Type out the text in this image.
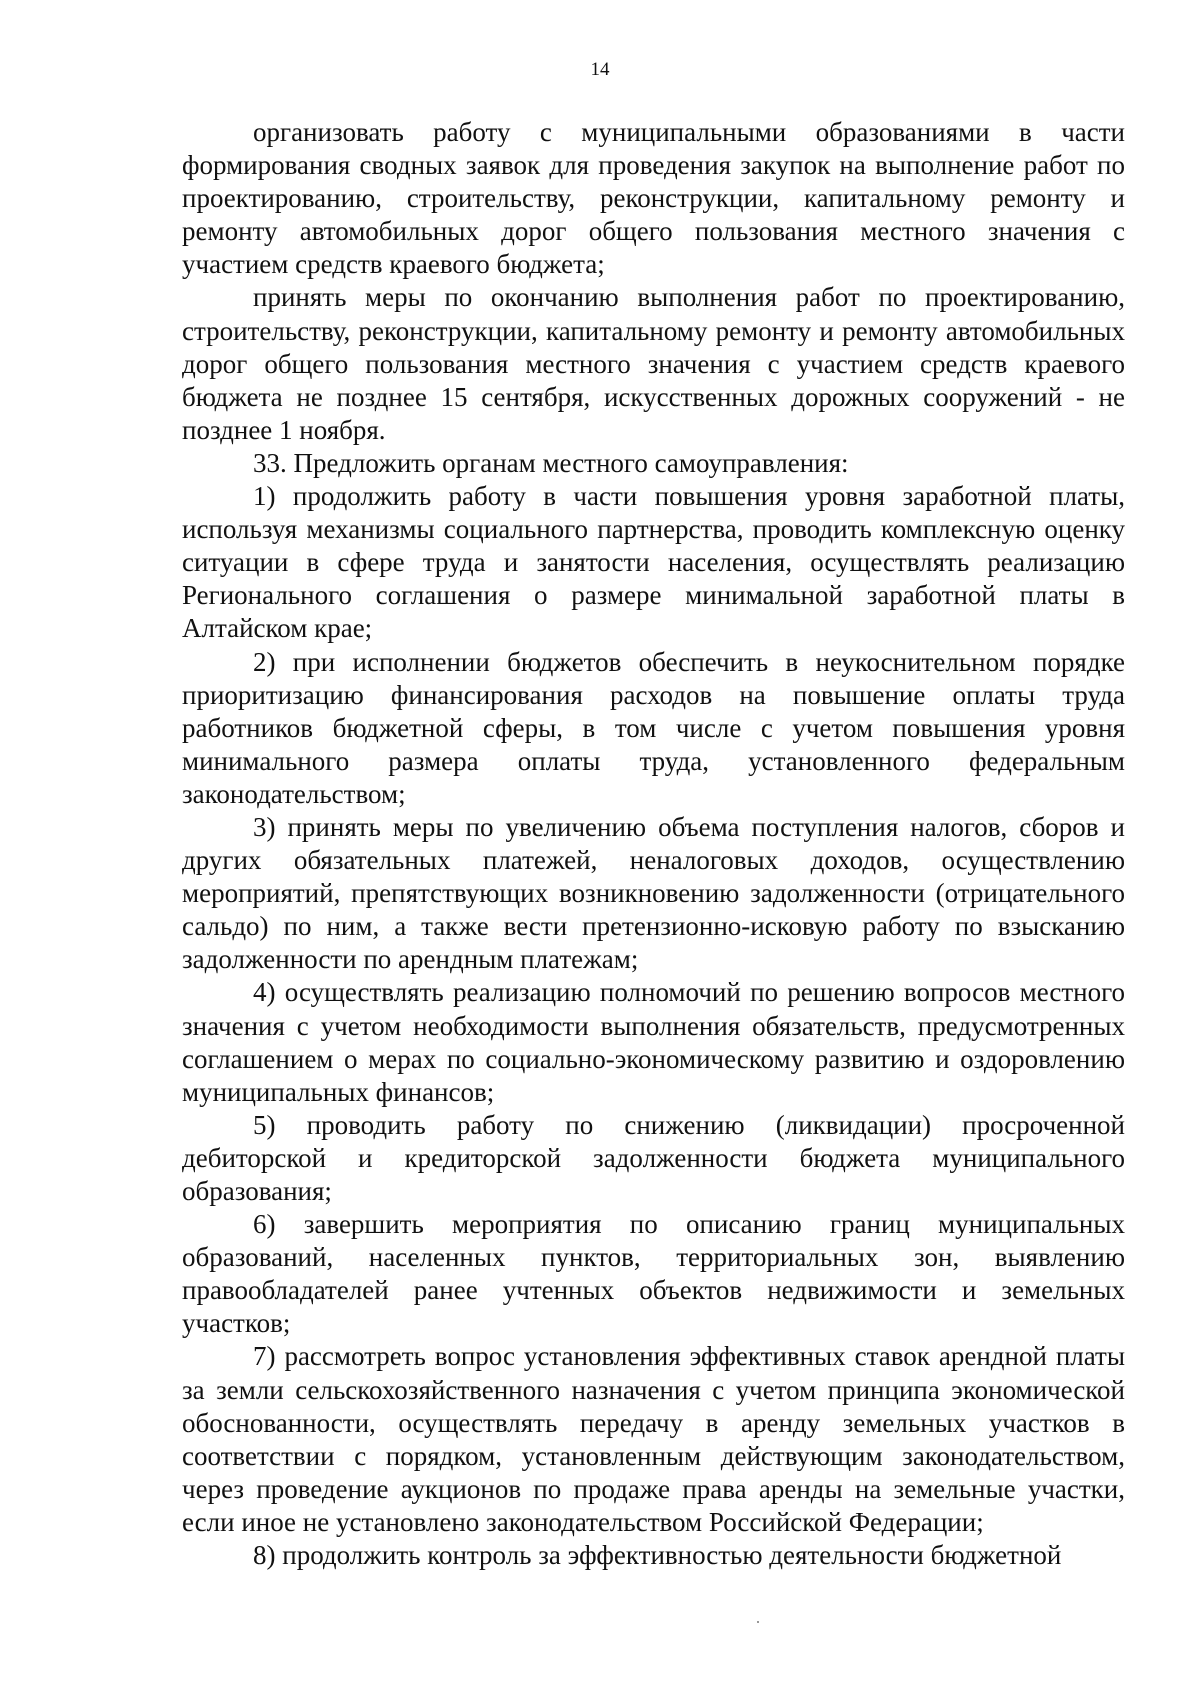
14

организовать работу с муниципальными образованиями в части формирования сводных заявок для проведения закупок на выполнение работ по проектированию, строительству, реконструкции, капитальному ремонту и ремонту автомобильных дорог общего пользования местного значения с участием средств краевого бюджета;

принять меры по окончанию выполнения работ по проектированию, строительству, реконструкции, капитальному ремонту и ремонту автомобильных дорог общего пользования местного значения с участием средств краевого бюджета не позднее 15 сентября, искусственных дорожных сооружений - не позднее 1 ноября.

33. Предложить органам местного самоуправления:

1) продолжить работу в части повышения уровня заработной платы, используя механизмы социального партнерства, проводить комплексную оценку ситуации в сфере труда и занятости населения, осуществлять реализацию Регионального соглашения о размере минимальной заработной платы в Алтайском крае;

2) при исполнении бюджетов обеспечить в неукоснительном порядке приоритизацию финансирования расходов на повышение оплаты труда работников бюджетной сферы, в том числе с учетом повышения уровня минимального размера оплаты труда, установленного федеральным законодательством;

3) принять меры по увеличению объема поступления налогов, сборов и других обязательных платежей, неналоговых доходов, осуществлению мероприятий, препятствующих возникновению задолженности (отрицательного сальдо) по ним, а также вести претензионно-исковую работу по взысканию задолженности по арендным платежам;

4) осуществлять реализацию полномочий по решению вопросов местного значения с учетом необходимости выполнения обязательств, предусмотренных соглашением о мерах по социально-экономическому развитию и оздоровлению муниципальных финансов;

5) проводить работу по снижению (ликвидации) просроченной дебиторской и кредиторской задолженности бюджета муниципального образования;

6) завершить мероприятия по описанию границ муниципальных образований, населенных пунктов, территориальных зон, выявлению правообладателей ранее учтенных объектов недвижимости и земельных участков;

7) рассмотреть вопрос установления эффективных ставок арендной платы за земли сельскохозяйственного назначения с учетом принципа экономической обоснованности, осуществлять передачу в аренду земельных участков в соответствии с порядком, установленным действующим законодательством, через проведение аукционов по продаже права аренды на земельные участки, если иное не установлено законодательством Российской Федерации;

8) продолжить контроль за эффективностью деятельности бюджетной
